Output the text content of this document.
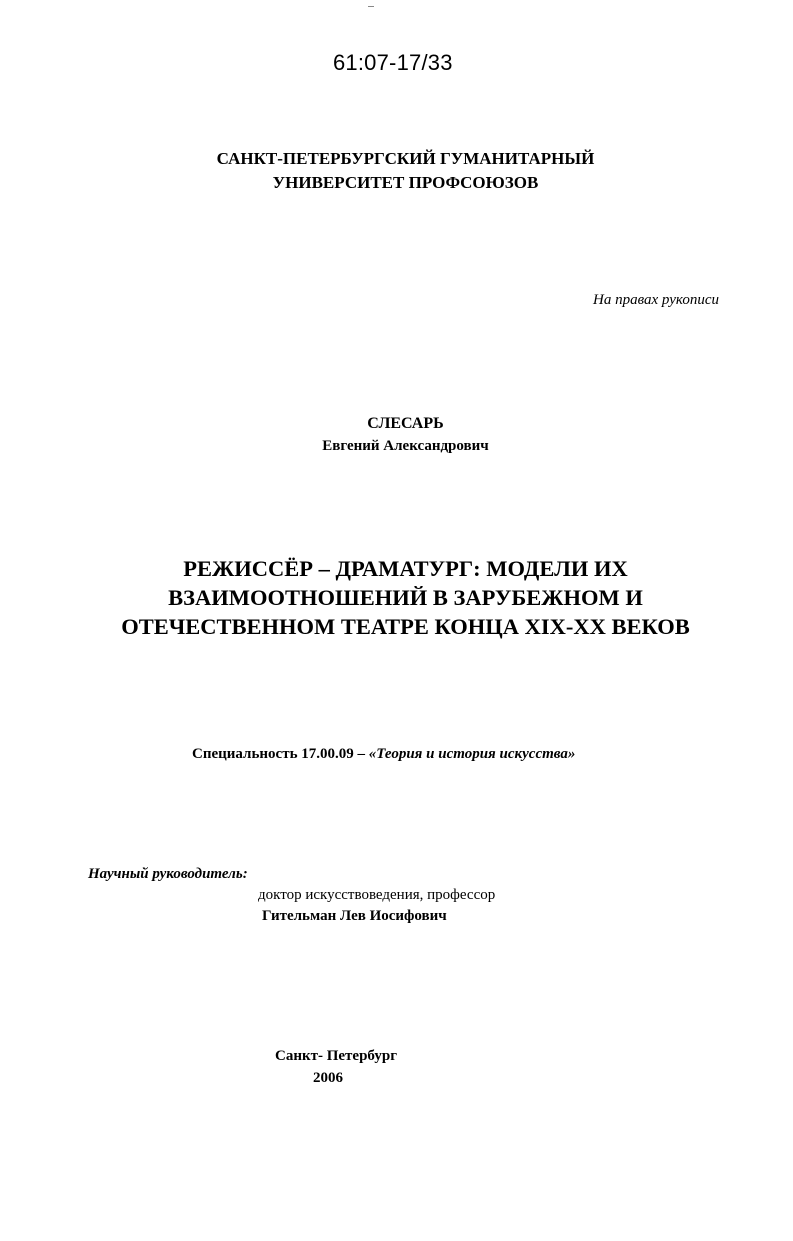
61:07-17/33
САНКТ-ПЕТЕРБУРГСКИЙ ГУМАНИТАРНЫЙ
УНИВЕРСИТЕТ ПРОФСОЮЗОВ
На правах рукописи
СЛЕСАРЬ
Евгений Александрович
РЕЖИССЁР – ДРАМАТУРГ: МОДЕЛИ ИХ
ВЗАИМООТНОШЕНИЙ В ЗАРУБЕЖНОМ И
ОТЕЧЕСТВЕННОМ ТЕАТРЕ КОНЦА XIX-XX ВЕКОВ
Специальность 17.00.09 – «Теория и история искусства»
Научный руководитель:
доктор искусствоведения, профессор
Гительман Лев Иосифович
Санкт- Петербург
2006
